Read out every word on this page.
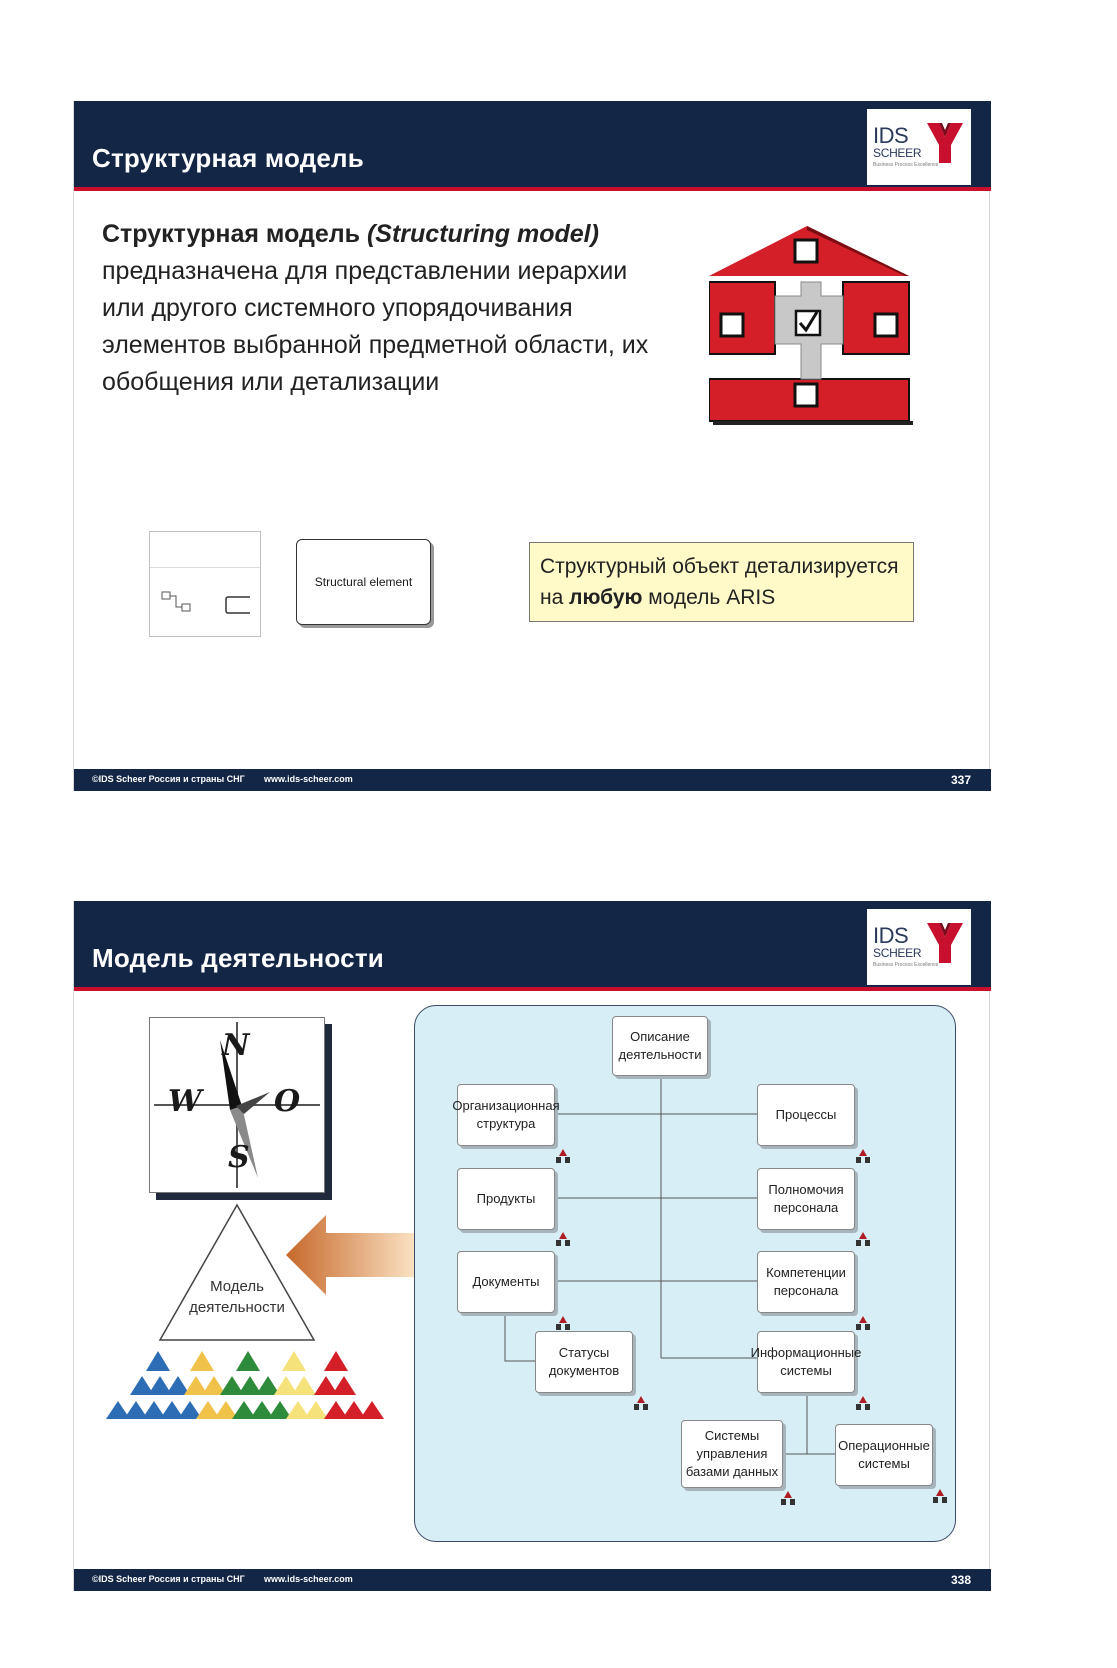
Структурная модель
IDS
SCHEER
Business Process Excellence
Структурная модель (Structuring model) предназначена для представлении иерархии или другого системного упорядочивания элементов выбранной предметной области, их обобщения или детализации
Structural element
Структурный объект детализируется на любую модель ARIS
©IDS Scheer Россия и страны СНГ www.ids-scheer.com	337
Модель деятельности
IDS
SCHEER
Business Process Excellence
N
W O
S
Модель деятельности
Описание деятельности
Организационная структура
Процессы
Продукты
Полномочия персонала
Документы
Компетенции персонала
Статусы документов
Информационные системы
Системы управления базами данных
Операционные системы
©IDS Scheer Россия и страны СНГ www.ids-scheer.com	338
